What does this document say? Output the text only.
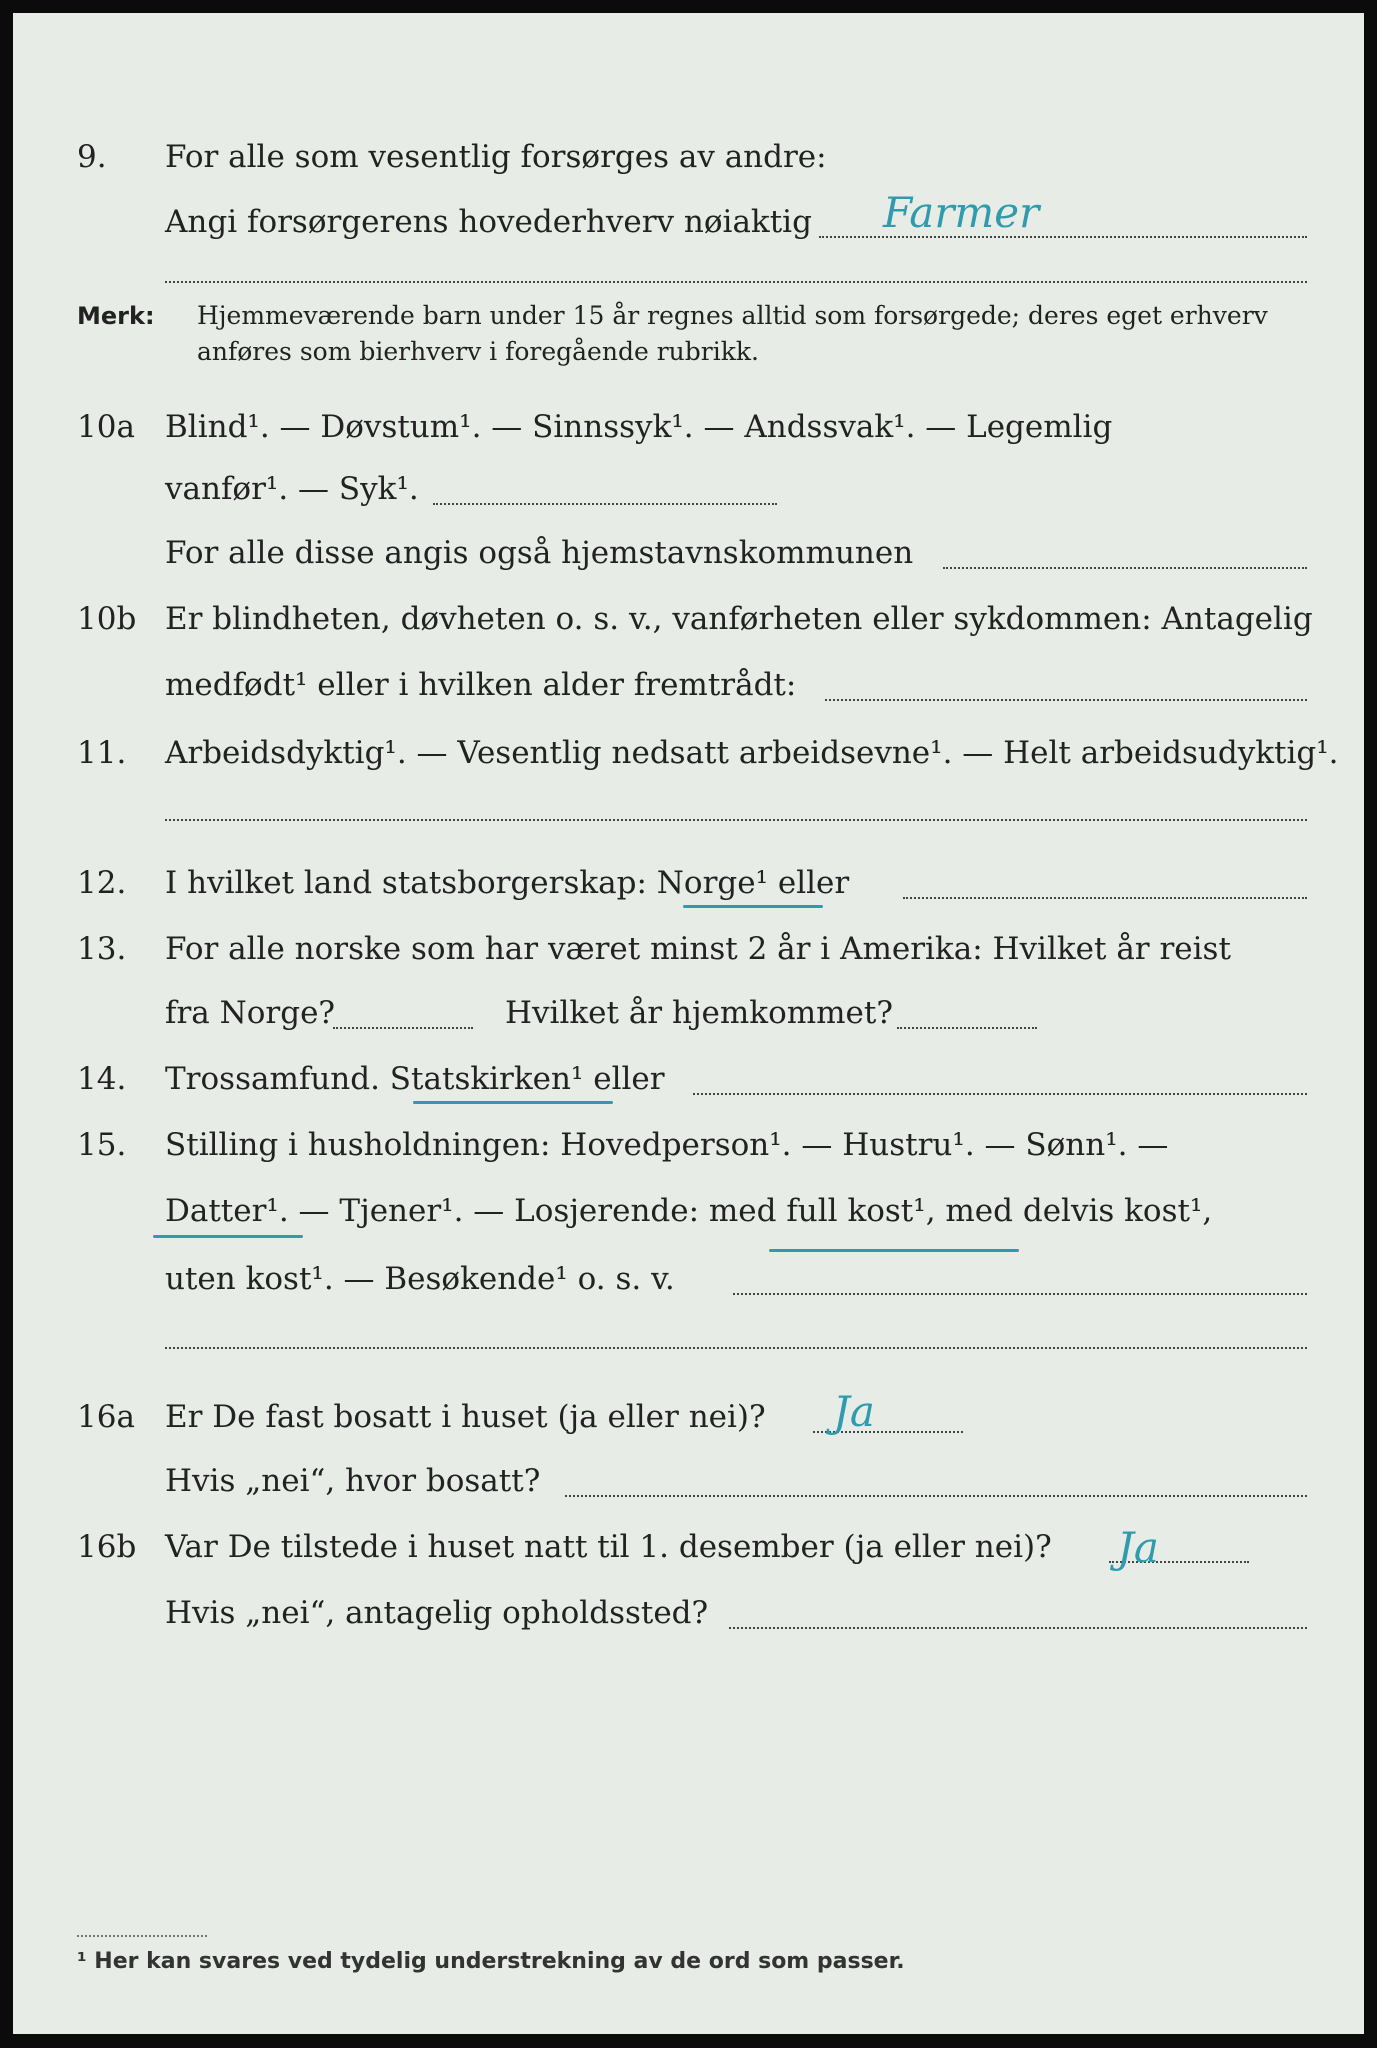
9. For alle som vesentlig forsørges av andre:
Angi forsørgerens hovederhverv nøiaktig Farmer
Merk: Hjemmeværende barn under 15 år regnes alltid som forsørgede; deres eget erhverv
anføres som bierhverv i foregående rubrikk.
10a Blind¹. — Døvstum¹. — Sinnssyk¹. — Andssvak¹. — Legemlig
vanfør¹. — Syk¹.
For alle disse angis også hjemstavnskommunen
10b Er blindheten, døvheten o. s. v., vanførheten eller sykdommen: Antagelig
medfødt¹ eller i hvilken alder fremtrådt:
11. Arbeidsdyktig¹. — Vesentlig nedsatt arbeidsevne¹. — Helt arbeidsudyktig¹.
12. I hvilket land statsborgerskap: Norge¹ eller
13. For alle norske som har været minst 2 år i Amerika: Hvilket år reist
fra Norge?	Hvilket år hjemkommet?
14. Trossamfund. Statskirken¹ eller
15. Stilling i husholdningen: Hovedperson¹. — Hustru¹. — Sønn¹. —
Datter¹. — Tjener¹. — Losjerende: med full kost¹, med delvis kost¹,
uten kost¹. — Besøkende¹ o. s. v.
16a Er De fast bosatt i huset (ja eller nei)? Ja
Hvis „nei“, hvor bosatt?
16b Var De tilstede i huset natt til 1. desember (ja eller nei)? Ja
Hvis „nei“, antagelig opholdssted?
¹ Her kan svares ved tydelig understrekning av de ord som passer.
